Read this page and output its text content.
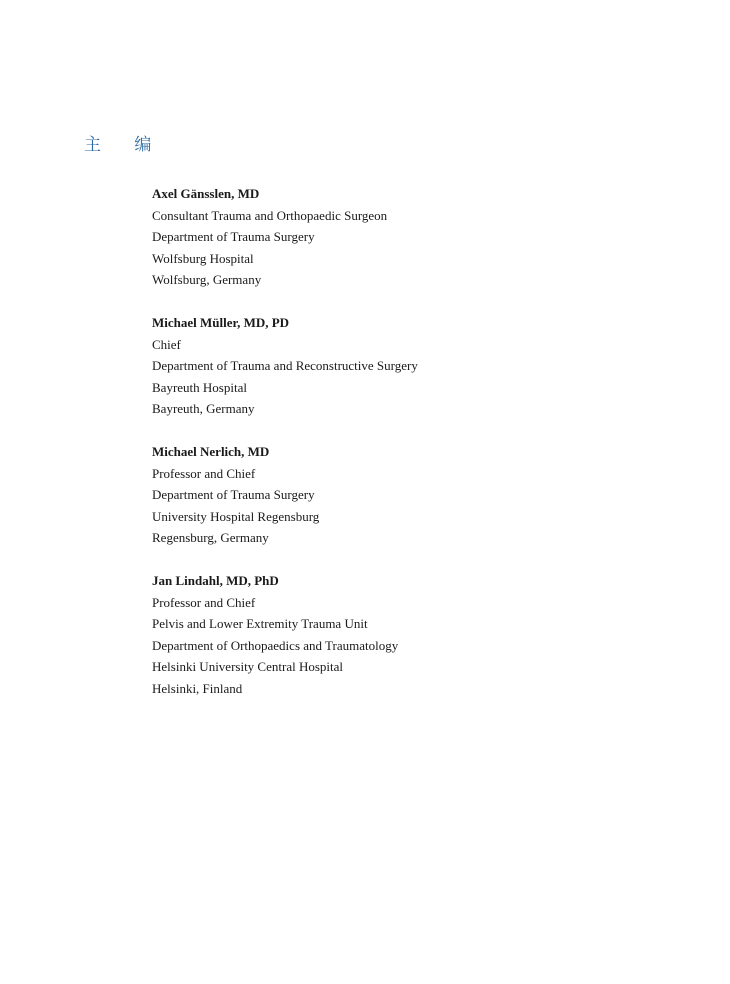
主 编
Axel Gänsslen, MD
Consultant Trauma and Orthopaedic Surgeon
Department of Trauma Surgery
Wolfsburg Hospital
Wolfsburg, Germany
Michael Müller, MD, PD
Chief
Department of Trauma and Reconstructive Surgery
Bayreuth Hospital
Bayreuth, Germany
Michael Nerlich, MD
Professor and Chief
Department of Trauma Surgery
University Hospital Regensburg
Regensburg, Germany
Jan Lindahl, MD, PhD
Professor and Chief
Pelvis and Lower Extremity Trauma Unit
Department of Orthopaedics and Traumatology
Helsinki University Central Hospital
Helsinki, Finland
